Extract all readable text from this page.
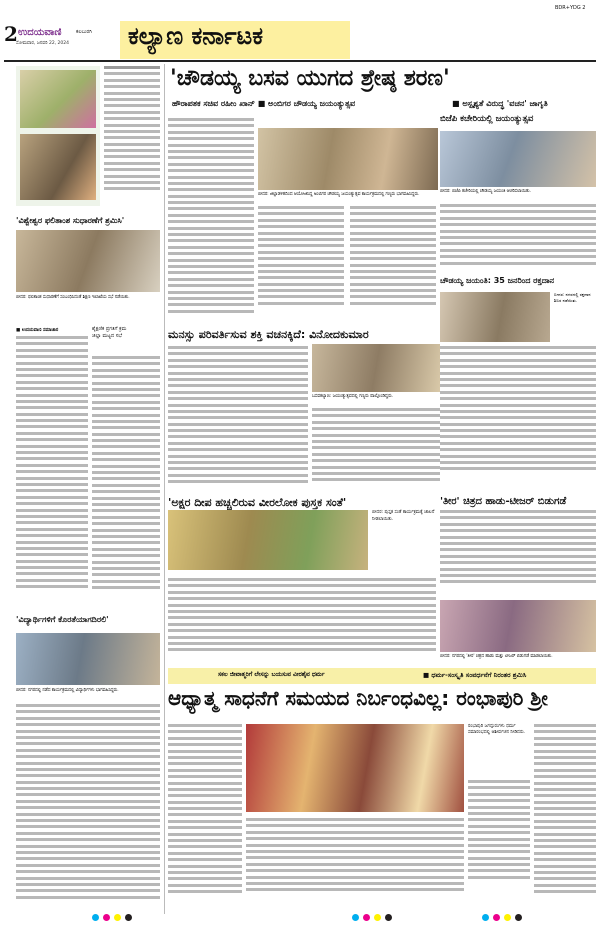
2 ಉದಯವಾಣಿ	ಕಲಬುರಗಿ
ಸೋಮವಾರ, ಜನವರಿ 22, 2024 ಕಲ್ಯಾಣ ಕರ್ನಾಟಕ
BDR+YDG 2
'ವಿಶ್ವೇಶ್ವರ ಫಲಿತಾಂಶ ಸುಧಾರಣೆಗೆ ಶ್ರಮಿಸಿ'
ಬೀದರ: ಫಲಿತಾಂಶ ಸುಧಾರಣೆಗೆ ಸಂಬಂಧಿಸಿದಂತೆ ಶಿಕ್ಷಣ ಇಲಾಖೆಯ ಸಭೆ ನಡೆಯಿತು.
■ ಉದಯವಾಣಿ ಸಮಾಚಾರ	ಶೈಕ್ಷಣಿಕ ಪ್ರಗತಿಗೆ ಕ್ರಮ
ಜಿಲ್ಲಾ ಮಟ್ಟದ ಸಭೆ
'ವಿದ್ಯಾರ್ಥಿಗಳಿಗೆ ಕೊರತೆಯಾಗದಿರಲಿ'
ಬೀದರ: ನಗರದಲ್ಲಿ ನಡೆದ ಕಾರ್ಯಕ್ರಮದಲ್ಲಿ ವಿದ್ಯಾರ್ಥಿಗಳು ಭಾಗವಹಿಸಿದ್ದರು.
'ಚೌಡಯ್ಯ ಬಸವ ಯುಗದ ಶ್ರೇಷ್ಠ ಶರಣ'
ಹೌರಾಪತಕ ಸಚಿವ ರಹೀಂ ಖಾನ್ ■ ಅಂಬಿಗರ ಚೌಡಯ್ಯ ಜಯಂತ್ಯುತ್ಸವ	■ ಅಸ್ಪೃಶ್ಯತೆ ವಿರುದ್ಧ 'ವಚನ' ಜಾಗೃತಿ
ಬಿಜೆಪಿ ಕಚೇರಿಯಲ್ಲಿ ಜಯಂತ್ಯುತ್ಸವ
ಬೀದರ: ಜಿಲ್ಲಾಡಳಿತದಿಂದ ಆಯೋಜಿಸಿದ್ದ ಅಂಬಿಗರ ಚೌಡಯ್ಯ ಜಯಂತ್ಯುತ್ಸವ ಕಾರ್ಯಕ್ರಮದಲ್ಲಿ ಗಣ್ಯರು ಭಾಗವಹಿಸಿದ್ದರು.
ಬೀದರ: ಬಿಜೆಪಿ ಕಚೇರಿಯಲ್ಲಿ ಚೌಡಯ್ಯ ಜಯಂತಿ ಆಚರಿಸಲಾಯಿತು.
ಚೌಡಯ್ಯ ಜಯಂತಿ: 35 ಜನರಿಂದ ರಕ್ತದಾನ
ಬೀದರ: ನಗರದಲ್ಲಿ ರಕ್ತದಾನ ಶಿಬಿರ ನಡೆಯಿತು.
ಮನಸ್ಸು ಪರಿವರ್ತಿಸುವ ಶಕ್ತಿ ವಚನಕ್ಕಿದೆ: ವಿನೋದಕುಮಾರ
ಬಸವಕಲ್ಯಾಣ: ಜಯಂತ್ಯುತ್ಸವದಲ್ಲಿ ಗಣ್ಯರು ಪಾಲ್ಗೊಂಡಿದ್ದರು.
'ಅಕ್ಷರ ದೀಪ ಹಚ್ಚಲಿರುವ ವೀರಲೋಕ ಪುಸ್ತಕ ಸಂತೆ'
ಬೀದರ: ಪುಸ್ತಕ ಸಂತೆ ಕಾರ್ಯಕ್ರಮಕ್ಕೆ ಚಾಲನೆ ನೀಡಲಾಯಿತು.
'ತೀರ' ಚಿತ್ರದ ಹಾಡು-ಟೀಜರ್ ಬಿಡುಗಡೆ
ಬೀದರ: ನಗರದಲ್ಲಿ 'ತೀರ' ಚಿತ್ರದ ಹಾಡು ಮತ್ತು ಟೀಜರ್ ಬಿಡುಗಡೆ ಮಾಡಲಾಯಿತು.
ಸಕಲ ಜೀವಾತ್ಮರಿಗೆ ಲೇಸನ್ನು ಬಯಸುವ ವೀರಶೈವ ಧರ್ಮ	■ ಧರ್ಮ-ಸಂಸ್ಕೃತಿ ಸಂವರ್ಧನೆಗೆ ನಿರಂತರ ಶ್ರಮಿಸಿ
ಆಧ್ಯಾತ್ಮ ಸಾಧನೆಗೆ ಸಮಯದ ನಿರ್ಬಂಧವಿಲ್ಲ: ರಂಭಾಪುರಿ ಶ್ರೀ
ರಂಭಾಪುರಿ ಜಗದ್ಗುರುಗಳು ಧರ್ಮ ಸಮಾರಂಭದಲ್ಲಿ ಆಶೀರ್ವಚನ ನೀಡಿದರು.
